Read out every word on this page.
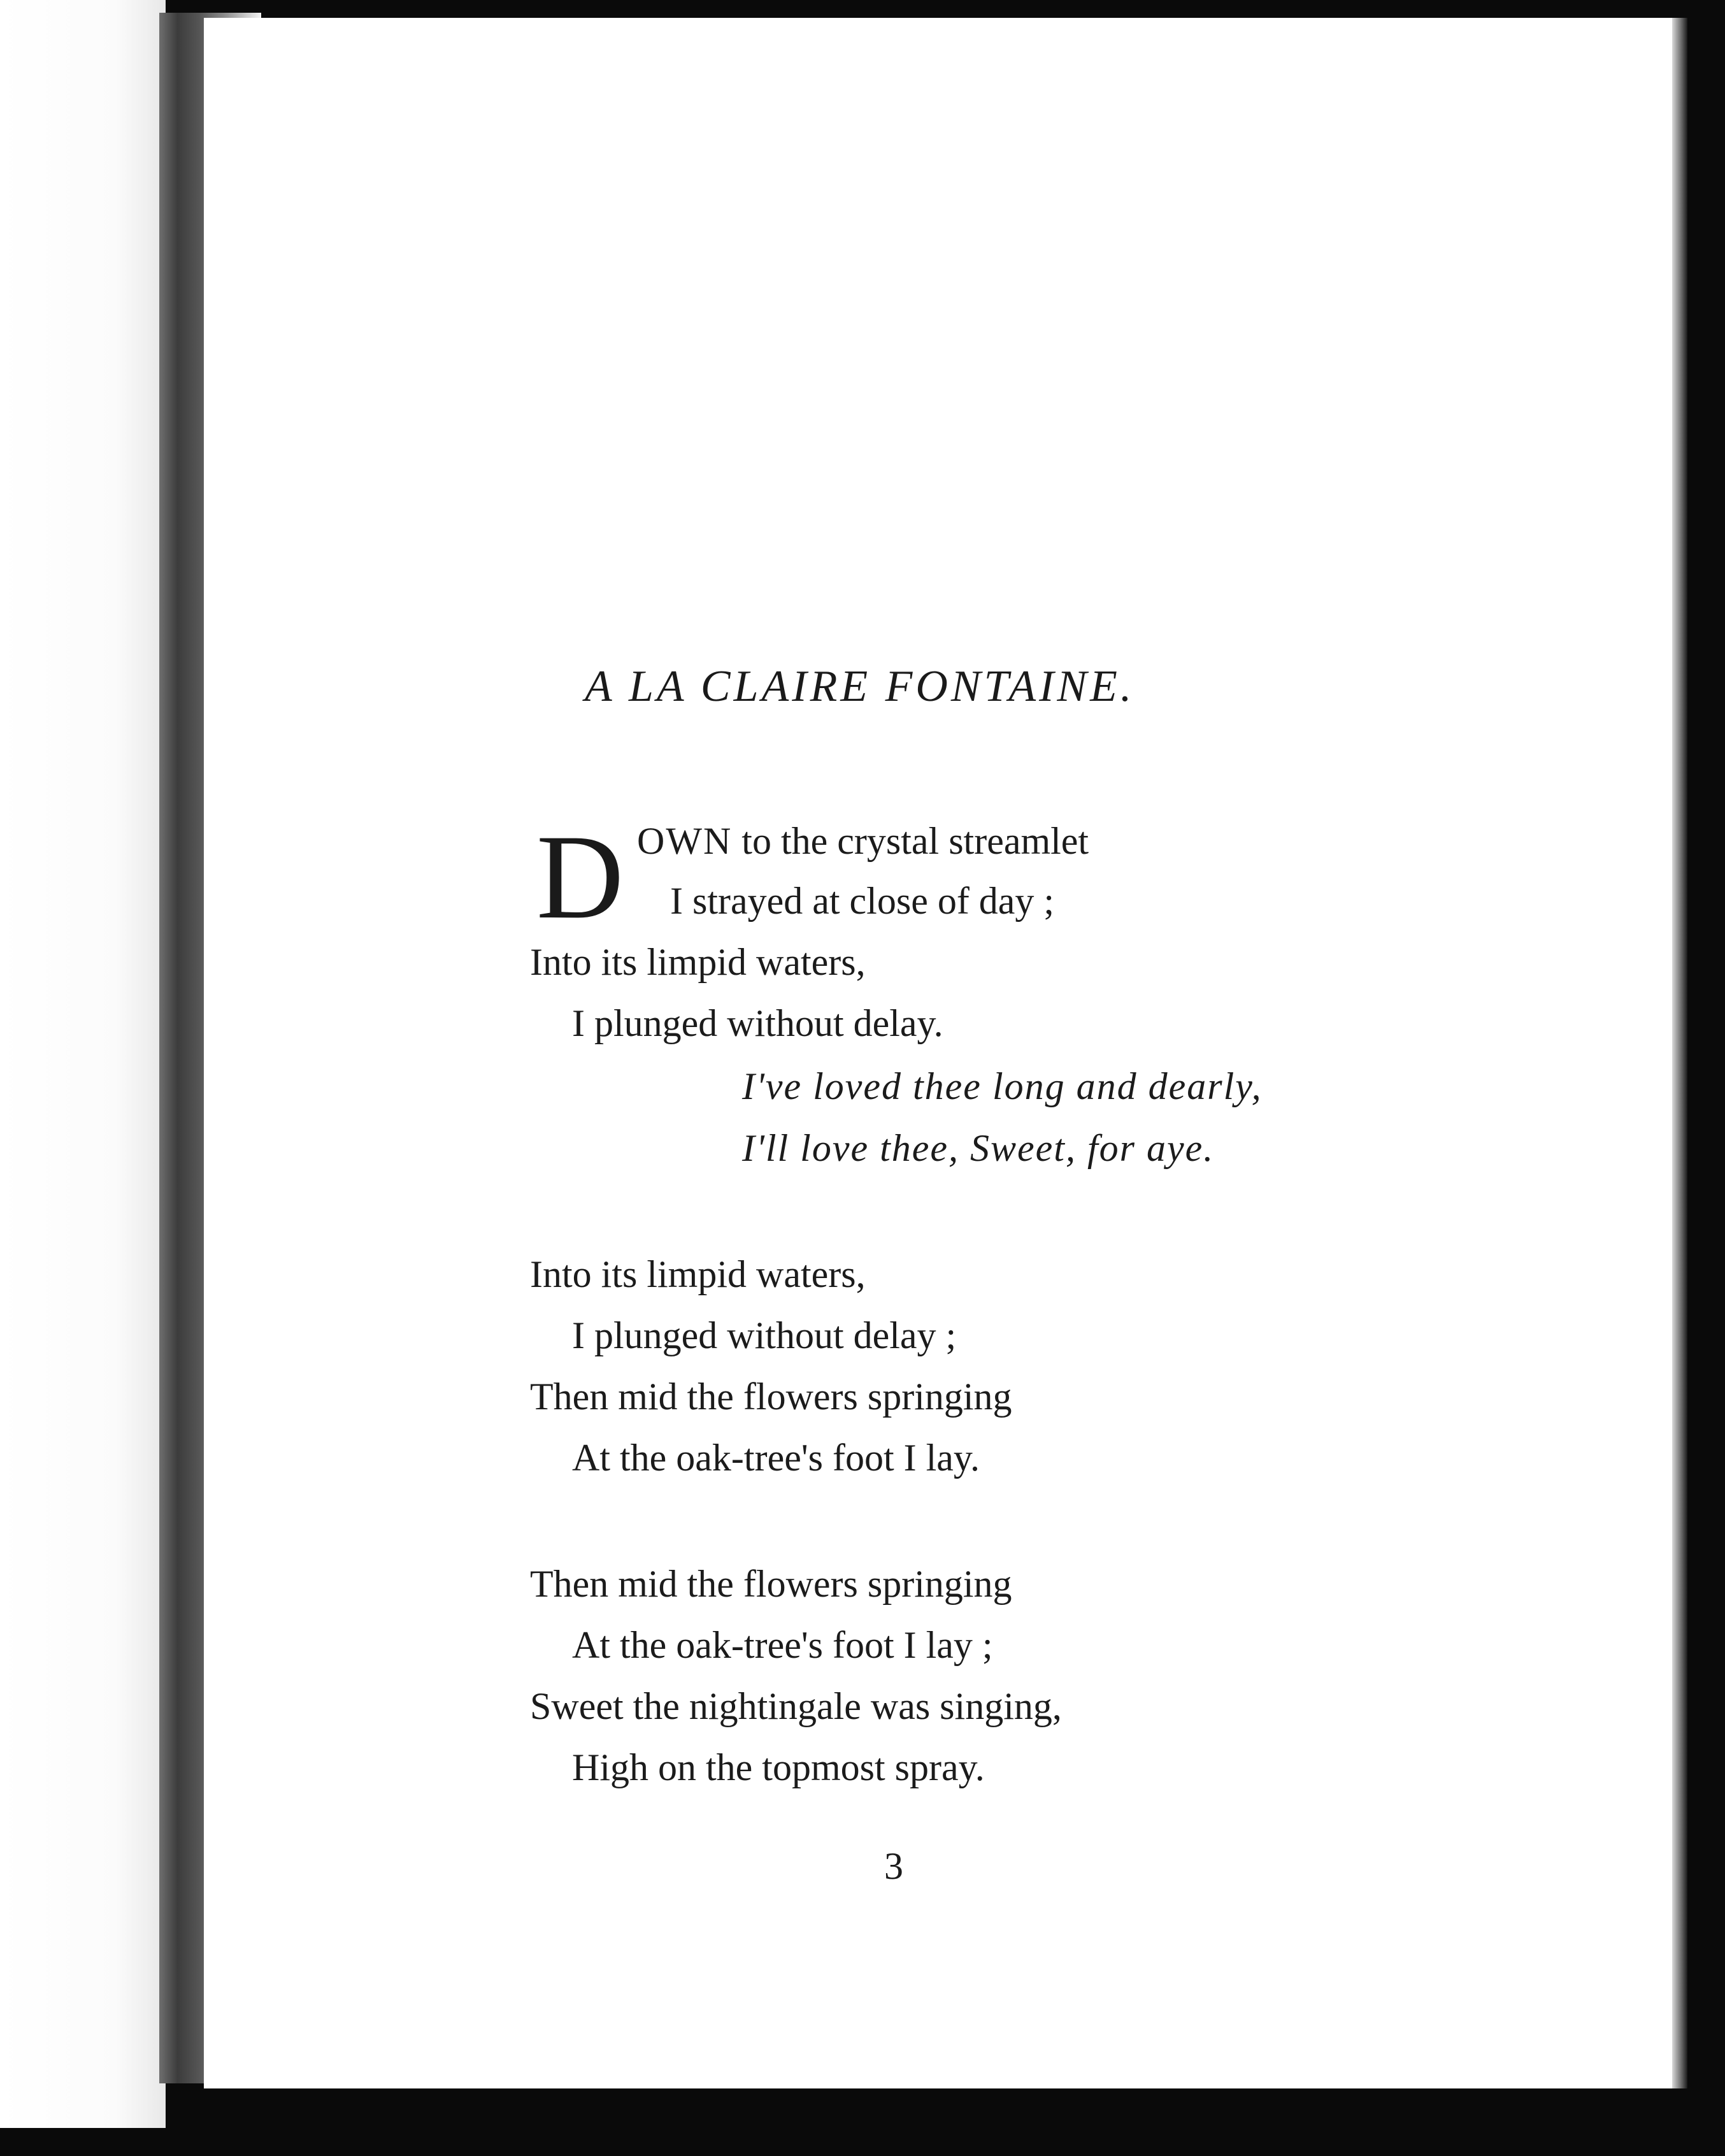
A LA CLAIRE FONTAINE.
D OWN to the crystal streamlet

I strayed at close of day ;

Into its limpid waters,

I plunged without delay.

I've loved thee long and dearly,

I'll love thee, Sweet, for aye.

Into its limpid waters,

I plunged without delay ;

Then mid the flowers springing

At the oak-tree's foot I lay.

Then mid the flowers springing

At the oak-tree's foot I lay ;

Sweet the nightingale was singing,

High on the topmost spray.

3
